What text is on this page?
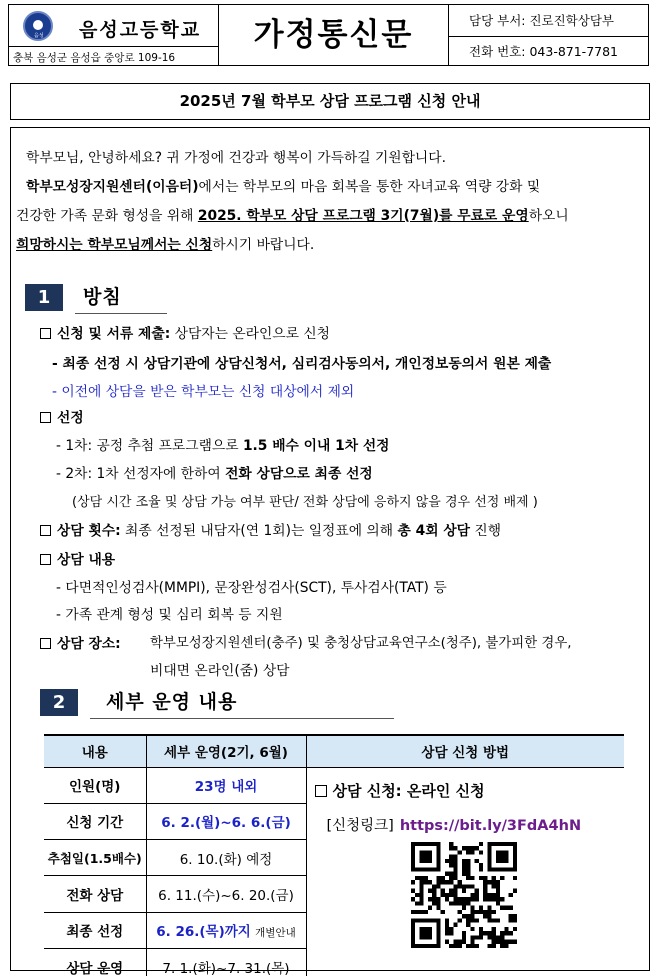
음성 음성고등학교
충북 음성군 음성읍 중앙로 109-16
가정통신문	담당 부서: 진로진학상담부
전화 번호: 043-871-7781
2025년 7월 학부모 상담 프로그램 신청 안내

학부모님, 안녕하세요? 귀 가정에 건강과 행복이 가득하길 기원합니다.

학부모성장지원센터(이음터)에서는 학부모의 마음 회복을 통한 자녀교육 역량 강화 및

건강한 가족 문화 형성을 위해 2025. 학부모 상담 프로그램 3기(7월)를 무료로 운영하오니

희망하시는 학부모님께서는 신청하시기 바랍니다.

1	방침
신청 및 서류 제출: 상담자는 온라인으로 신청
- 최종 선정 시 상담기관에 상담신청서, 심리검사동의서, 개인정보동의서 원본 제출
- 이전에 상담을 받은 학부모는 신청 대상에서 제외
선정
- 1차: 공정 추첨 프로그램으로 1.5 배수 이내 1차 선정
- 2차: 1차 선정자에 한하여 전화 상담으로 최종 선정
(상담 시간 조율 및 상담 가능 여부 판단/ 전화 상담에 응하지 않을 경우 선정 배제 )
상담 횟수: 최종 선정된 내담자(연 1회)는 일정표에 의해 총 4회 상담 진행
상담 내용
- 다면적인성검사(MMPI), 문장완성검사(SCT), 투사검사(TAT) 등
- 가족 관계 형성 및 심리 회복 등 지원
상담 장소: 학부모성장지원센터(충주) 및 충청상담교육연구소(청주), 불가피한 경우,
비대면 온라인(줌) 상담
2	세부 운영 내용
내용	세부 운영(2기, 6월)	상담 신청 방법
인원(명)	23명 내외	상담 신청: 온라인 신청
[신청링크] https://bit.ly/3FdA4hN

신청 기간	6. 2.(월)~6. 6.(금)	
추첨일(1.5배수)	6. 10.(화) 예정	
전화 상담	6. 11.(수)~6. 20.(금)	
최종 선정	6. 26.(목)까지 개별안내	
상담 운영	7. 1.(화)~7. 31.(목)	
